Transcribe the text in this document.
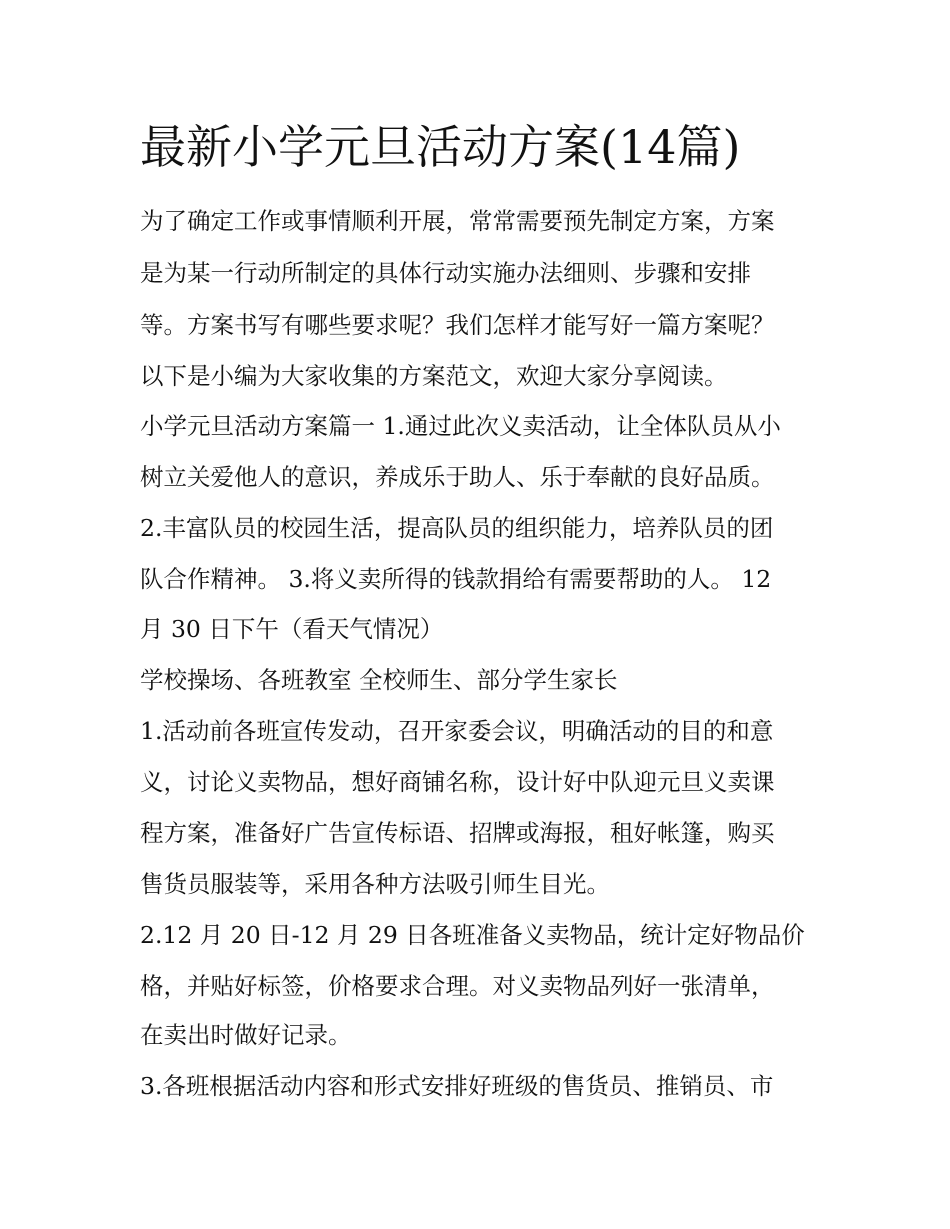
最新小学元旦活动方案(14篇)
为了确定工作或事情顺利开展，常常需要预先制定方案，方案
是为某一行动所制定的具体行动实施办法细则、步骤和安排
等。方案书写有哪些要求呢？我们怎样才能写好一篇方案呢？
以下是小编为大家收集的方案范文，欢迎大家分享阅读。
小学元旦活动方案篇一 1.通过此次义卖活动，让全体队员从小
树立关爱他人的意识，养成乐于助人、乐于奉献的良好品质。
2.丰富队员的校园生活，提高队员的组织能力，培养队员的团
队合作精神。 3.将义卖所得的钱款捐给有需要帮助的人。 12
月 30 日下午（看天气情况）
学校操场、各班教室 全校师生、部分学生家长
1.活动前各班宣传发动，召开家委会议，明确活动的目的和意
义，讨论义卖物品，想好商铺名称，设计好中队迎元旦义卖课
程方案，准备好广告宣传标语、招牌或海报，租好帐篷，购买
售货员服装等，采用各种方法吸引师生目光。
2.12 月 20 日-12 月 29 日各班准备义卖物品，统计定好物品价
格，并贴好标签，价格要求合理。对义卖物品列好一张清单，
在卖出时做好记录。
3.各班根据活动内容和形式安排好班级的售货员、推销员、市
